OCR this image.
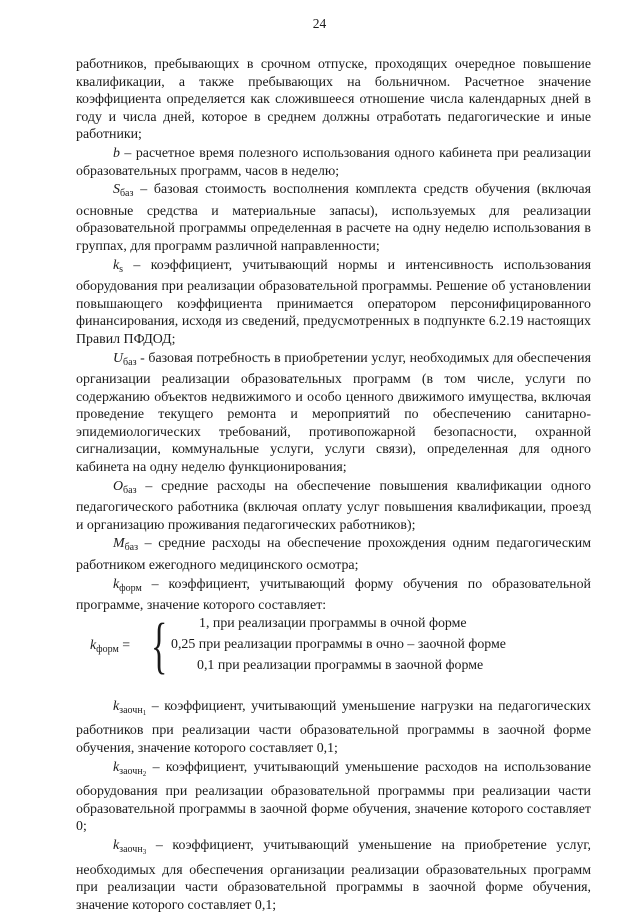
24

работников, пребывающих в срочном отпуске, проходящих очередное повышение квалификации, а также пребывающих на больничном. Расчетное значение коэффициента определяется как сложившееся отношение числа календарных дней в году и числа дней, которое в среднем должны отработать педагогические и иные работники;

b – расчетное время полезного использования одного кабинета при реализации образовательных программ, часов в неделю;

$S_{баз}$ – базовая стоимость восполнения комплекта средств обучения (включая основные средства и материальные запасы), используемых для реализации образовательной программы определенная в расчете на одну неделю использования в группах, для программ различной направленности;

$k_s$ – коэффициент, учитывающий нормы и интенсивность использования оборудования при реализации образовательной программы. Решение об установлении повышающего коэффициента принимается оператором персонифицированного финансирования, исходя из сведений, предусмотренных в подпункте 6.2.19 настоящих Правил ПФДОД;

$U_{баз}$ - базовая потребность в приобретении услуг, необходимых для обеспечения организации реализации образовательных программ (в том числе, услуги по содержанию объектов недвижимого и особо ценного движимого имущества, включая проведение текущего ремонта и мероприятий по обеспечению санитарно-эпидемиологических требований, противопожарной безопасности, охранной сигнализации, коммунальные услуги, услуги связи), определенная для одного кабинета на одну неделю функционирования;

$O_{баз}$ – средние расходы на обеспечение повышения квалификации одного педагогического работника (включая оплату услуг повышения квалификации, проезд и организацию проживания педагогических работников);

$M_{баз}$ – средние расходы на обеспечение прохождения одним педагогическим работником ежегодного медицинского осмотра;

$k_{форм}$ – коэффициент, учитывающий форму обучения по образовательной программе, значение которого составляет:

$k_{форм}$ = { 1, при реализации программы в очной форме
0,25 при реализации программы в очно – заочной форме
0,1 при реализации программы в заочной форме

$k_{заочн_1}$ – коэффициент, учитывающий уменьшение нагрузки на педагогических работников при реализации части образовательной программы в заочной форме обучения, значение которого составляет 0,1;

$k_{заочн_2}$ – коэффициент, учитывающий уменьшение расходов на использование оборудования при реализации образовательной программы при реализации части образовательной программы в заочной форме обучения, значение которого составляет 0;

$k_{заочн_3}$ – коэффициент, учитывающий уменьшение на приобретение услуг, необходимых для обеспечения организации реализации образовательных программ при реализации части образовательной программы в заочной форме обучения, значение которого составляет 0,1;
